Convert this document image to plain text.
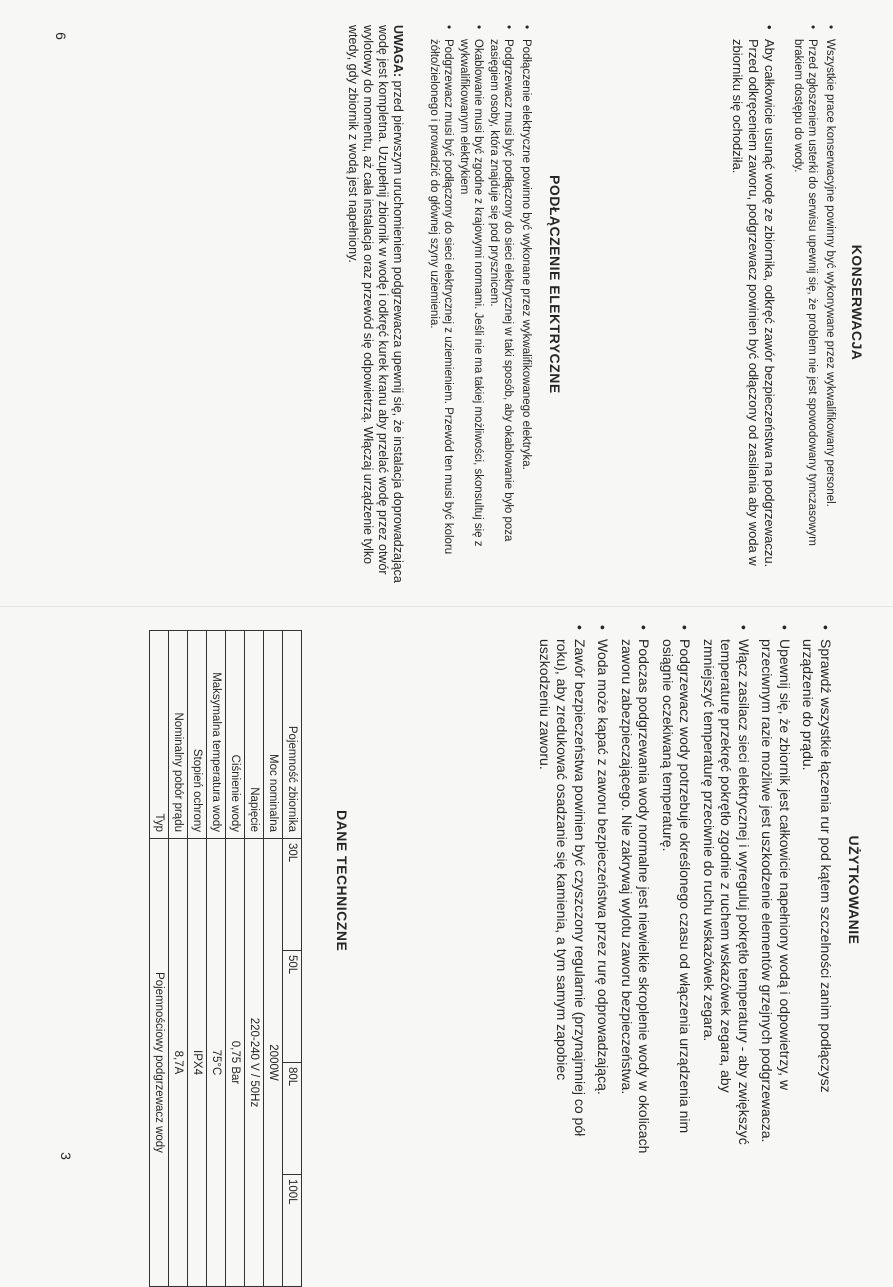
6
3
KONSERWACJA
• Wszystkie prace konserwacyjne powinny być wykonywane przez wykwalifikowany personel.
• Przed zgłoszeniem usterki do serwisu upewnij się, że problem nie jest spowodowany tymczasowym brakiem dostępu do wody.
• Aby całkowicie usunąć wodę ze zbiornika, odkręć zawór bezpieczeństwa na podgrzewaczu. Przed odkręceniem zaworu, podgrzewacz powinien być odłączony od zasilania aby woda w zbiorniku się ochodziła.
PODŁĄCZENIE ELEKTRYCZNE
• Podłączenie elektryczne powinno być wykonane przez wykwalifikowanego elektryka.
• Podgrzewacz musi być podłączony do sieci elektrycznej w taki sposób, aby okablowanie było poza zasięgiem osoby, która znajduje się pod prysznicem.
• Okablowanie musi być zgodne z krajowymi normami. Jeśli nie ma takiej możliwości, skonsultuj się z wykwalifikowanym elektrykiem
• Podgrzewacz musi być podłączony do sieci elektrycznej z uziemieniem. Przewód ten musi być koloru żółto/zielonego i prowadzić do głównej szyny uziemienia.
UWAGA: przed pierwszym uruchomieniem podgrzewacza upewnij się, że instalacja doprowadzająca wodę jest kompletna. Uzupełnij zbiornik w wodę i odkręć kurek kranu aby przelać wodę przez otwór wylotowy do momentu, aż cała instalacja oraz przewód się odpowietrzą. Włączaj urządzenie tylko wtedy, gdy zbiornik z wodą jest napełniony.
UŻYTKOWANIE
• Sprawdź wszystkie łączenia rur pod kątem szczelności zanim podłączysz urządzenie do prądu.
• Upewnij się, że zbiornik jest całkowicie napełniony wodą i odpowietrzy, w przeciwnym razie możliwe jest uszkodzenie elementów grzejnych podgrzewacza.
• Włącz zasilacz sieci elektrycznej i wyreguluj pokrętło temperatury - aby zwiększyć temperaturę przekręć pokrętło zgodnie z ruchem wskazówek zegara, aby zmniejszyć temperaturę przeciwnie do ruchu wskazówek zegara.
• Podgrzewacz wody potrzebuje określonego czasu od włączenia urządzenia nim osiągnie oczekiwaną temperaturę.
• Podczas podgrzewania wody normalne jest niewielkie skroplenie wody w okolicach zaworu zabezpieczającego. Nie zakrywaj wylotu zaworu bezpieczeństwa.
• Woda może kapać z zaworu bezpieczeństwa przez rurę odprowadzającą.
• Zawór bezpieczeństwa powinien być czyszczony regularnie (przynajmniej co pół roku), aby zredukować osadzanie się kamienia, a tym samym zapobiec uszkodzeniu zaworu.
DANE TECHNICZNE
Pojemność zbiornika	30L	50L	80L	100L
Moc nominalna	2000W			
Napięcie	220-240 V / 50Hz			
Ciśnienie wody	0,75 Bar			
Maksymalna temperatura wody	75°C			
Stopień ochrony	IPX4			
Nominalny pobór prądu	8,7A			
Typ	Pojemnościowy podgrzewacz wody			
